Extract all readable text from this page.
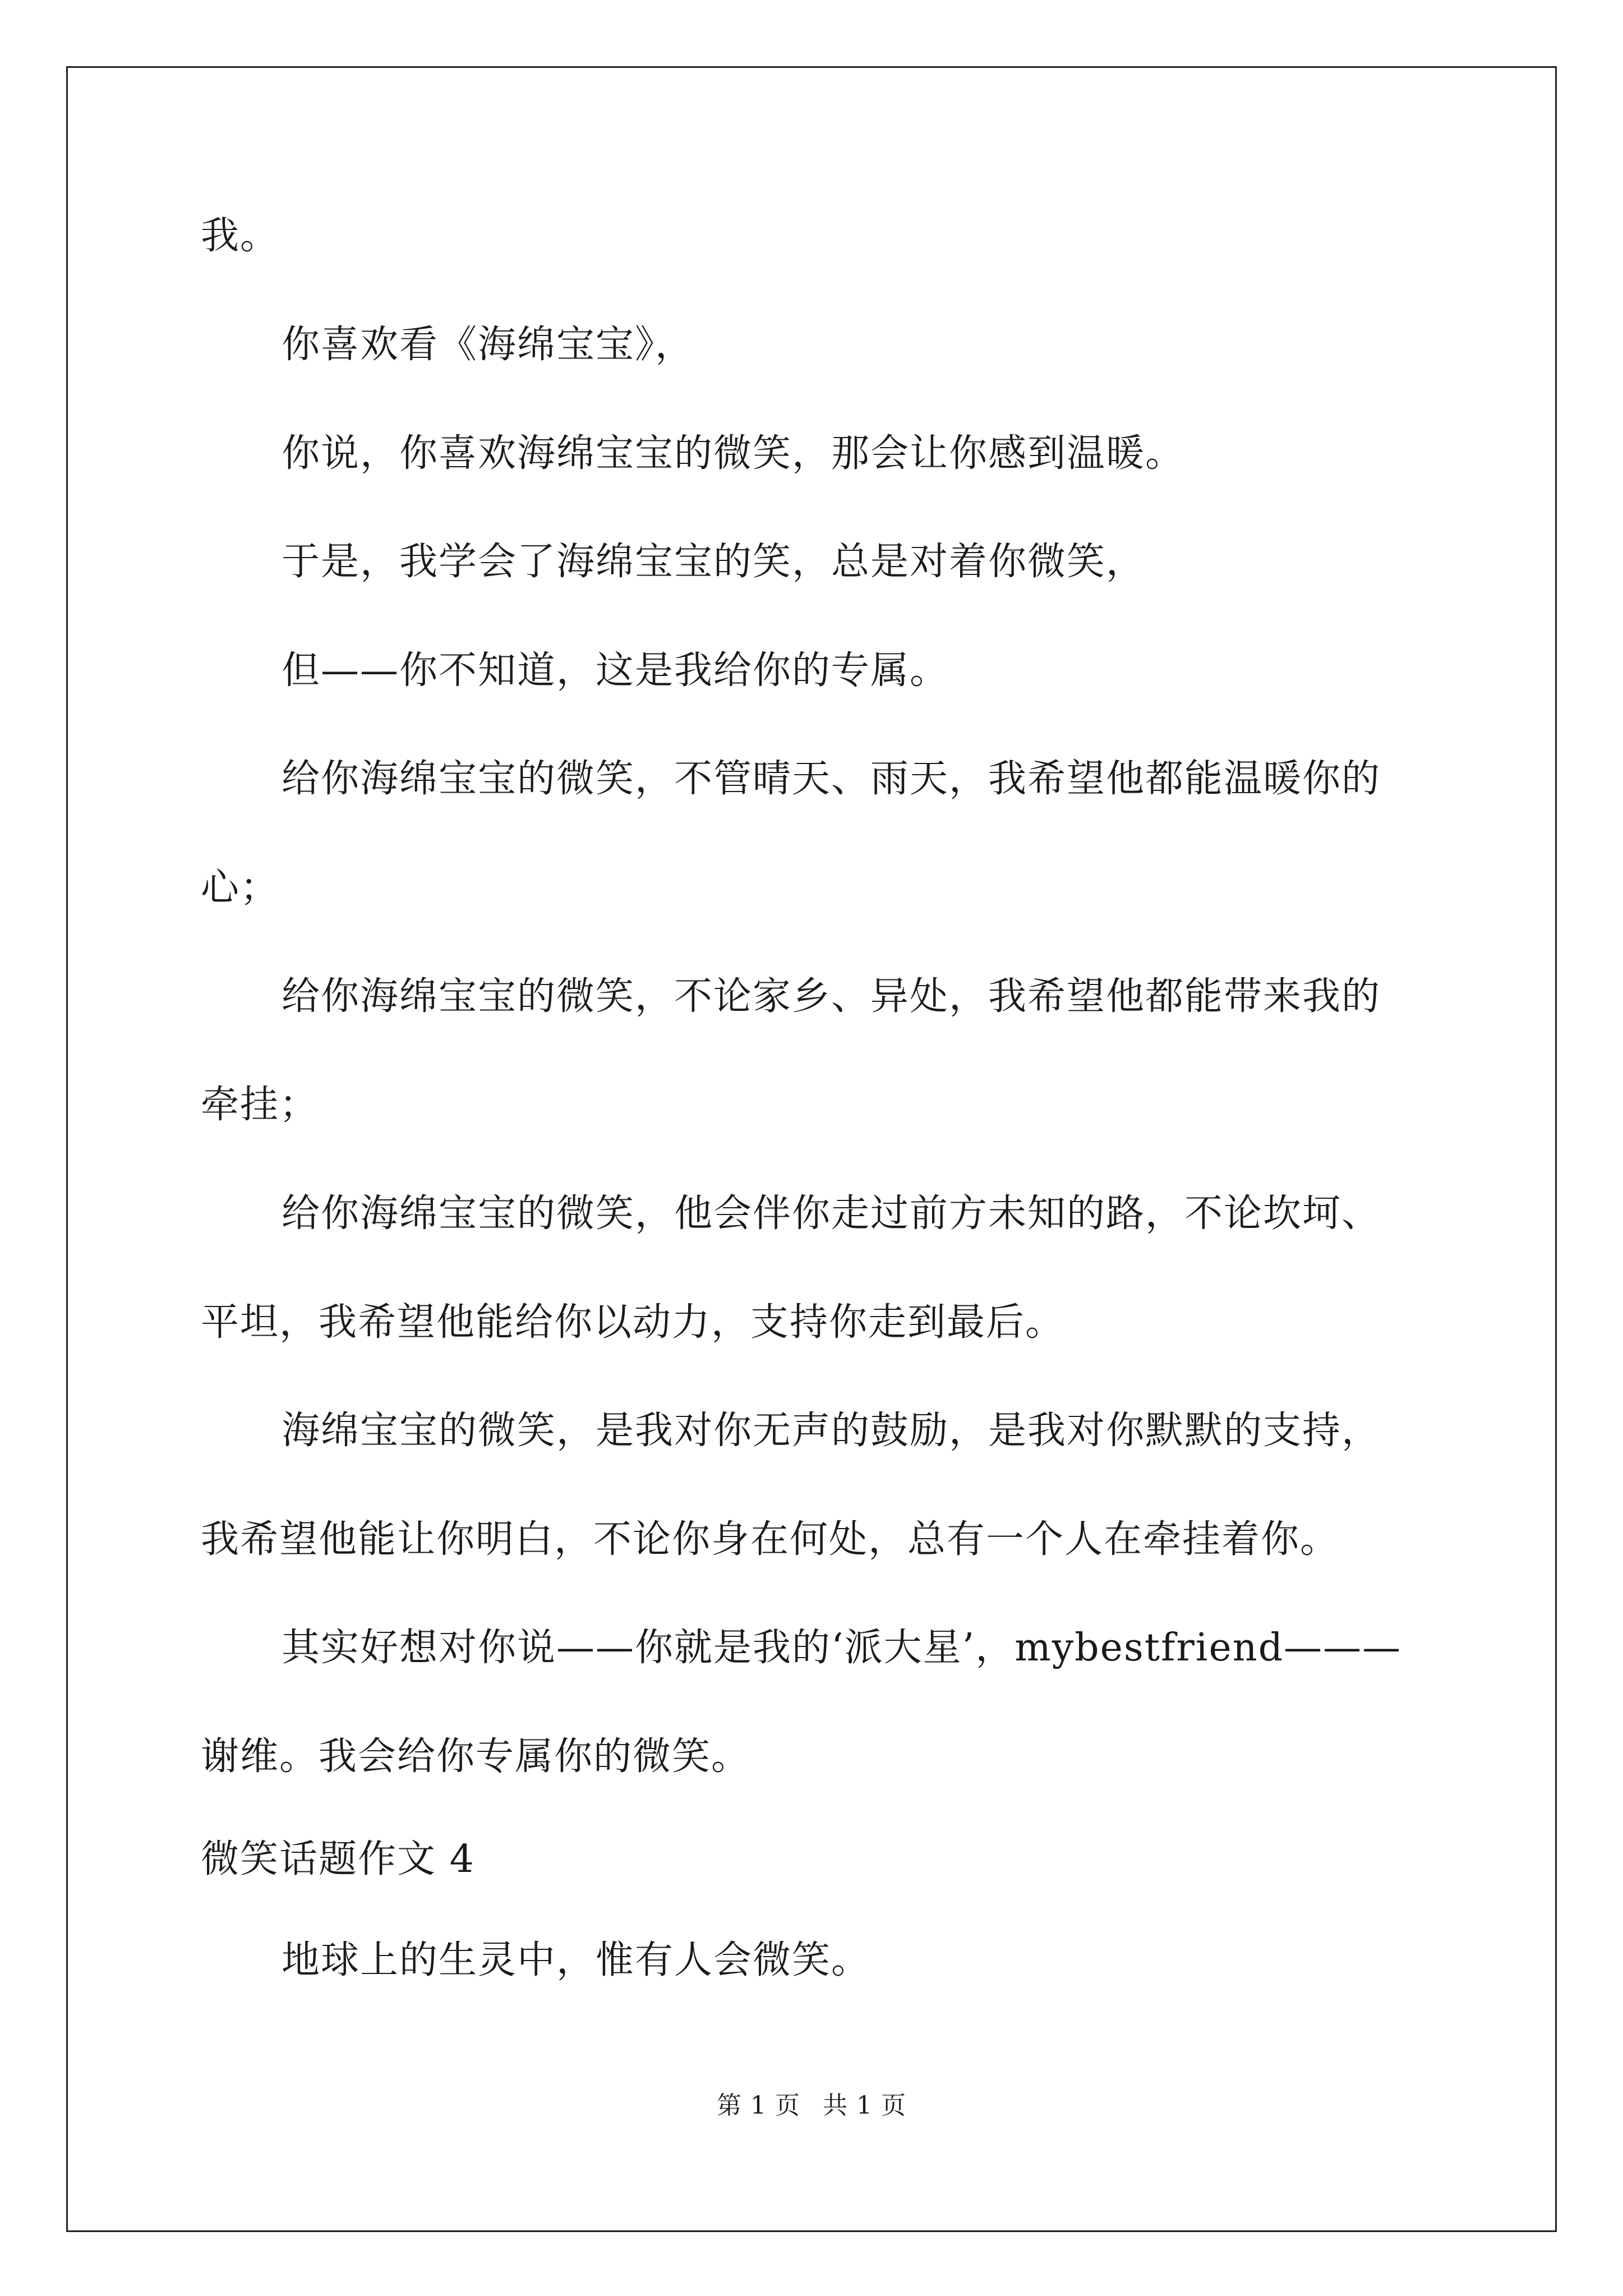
我。
你喜欢看《海绵宝宝》，
你说，你喜欢海绵宝宝的微笑，那会让你感到温暖。
于是，我学会了海绵宝宝的笑，总是对着你微笑，
但——你不知道，这是我给你的专属。
给你海绵宝宝的微笑，不管晴天、雨天，我希望他都能温暖你的
心；
给你海绵宝宝的微笑，不论家乡、异处，我希望他都能带来我的
牵挂；
给你海绵宝宝的微笑，他会伴你走过前方未知的路，不论坎坷、
平坦，我希望他能给你以动力，支持你走到最后。
海绵宝宝的微笑，是我对你无声的鼓励，是我对你默默的支持，
我希望他能让你明白，不论你身在何处，总有一个人在牵挂着你。
其实好想对你说——你就是我的‘派大星’，mybestfriend———
谢维。我会给你专属你的微笑。
微笑话题作文 4
地球上的生灵中，惟有人会微笑。
第 1 页 共 1 页
